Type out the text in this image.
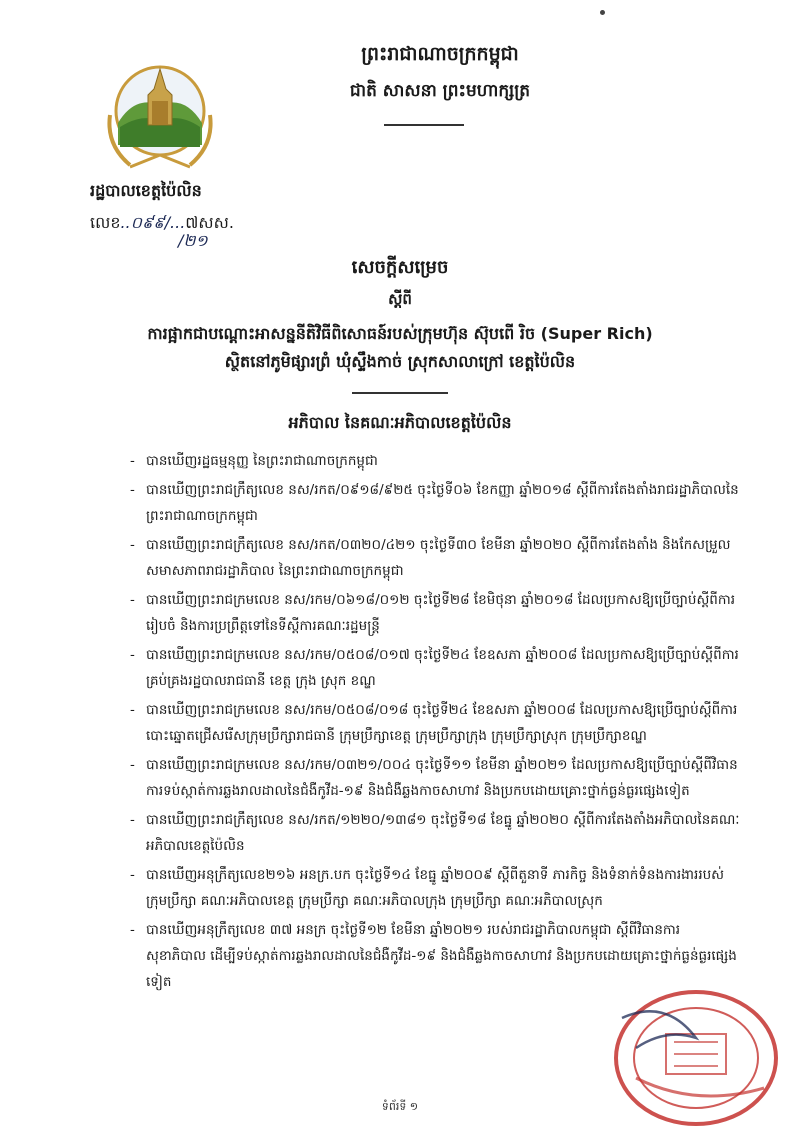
ព្រះរាជាណាចក្រកម្ពុជា
ជាតិ សាសនា ព្រះមហាក្សត្រ
រដ្ឋបាលខេត្តប៉ៃលិន
លេខ..០៩៩/...៧សស.
/២១
សេចក្តីសម្រេច
ស្តីពី
ការផ្អាកជាបណ្តោះអាសន្ននីតិវិធីពិសោធន៍របស់ក្រុមហ៊ុន ស៊ុបពើ រិច (Super Rich)
ស្ថិតនៅភូមិផ្សារព្រំ ឃុំស្ទឹងកាច់ ស្រុកសាលាក្រៅ ខេត្តប៉ៃលិន
អភិបាល នៃគណៈអភិបាលខេត្តប៉ៃលិន
- បានឃើញរដ្ឋធម្មនុញ្ញ នៃព្រះរាជាណាចក្រកម្ពុជា
- បានឃើញព្រះរាជក្រឹត្យលេខ នស/រកត/០៩១៨/៩២៥ ចុះថ្ងៃទី០៦ ខែកញ្ញា ឆ្នាំ២០១៨ ស្តីពីការតែងតាំងរាជរដ្ឋាភិបាលនៃព្រះរាជាណាចក្រកម្ពុជា
- បានឃើញព្រះរាជក្រឹត្យលេខ នស/រកត/០៣២០/៤២១ ចុះថ្ងៃទី៣០ ខែមីនា ឆ្នាំ២០២០ ស្តីពីការតែងតាំង និងកែសម្រួលសមាសភាពរាជរដ្ឋាភិបាល នៃព្រះរាជាណាចក្រកម្ពុជា
- បានឃើញព្រះរាជក្រមលេខ នស/រកម/០៦១៨/០១២ ចុះថ្ងៃទី២៨ ខែមិថុនា ឆ្នាំ២០១៨ ដែលប្រកាសឱ្យប្រើច្បាប់ស្តីពីការរៀបចំ និងការប្រព្រឹត្តទៅនៃទីស្តីការគណៈរដ្ឋមន្ត្រី
- បានឃើញព្រះរាជក្រមលេខ នស/រកម/០៥០៨/០១៧ ចុះថ្ងៃទី២៤ ខែឧសភា ឆ្នាំ២០០៨ ដែលប្រកាសឱ្យប្រើច្បាប់ស្តីពីការគ្រប់គ្រងរដ្ឋបាលរាជធានី ខេត្ត ក្រុង ស្រុក ខណ្ឌ
- បានឃើញព្រះរាជក្រមលេខ នស/រកម/០៥០៨/០១៨ ចុះថ្ងៃទី២៤ ខែឧសភា ឆ្នាំ២០០៨ ដែលប្រកាសឱ្យប្រើច្បាប់ស្តីពីការបោះឆ្នោតជ្រើសរើសក្រុមប្រឹក្សារាជធានី ក្រុមប្រឹក្សាខេត្ត ក្រុមប្រឹក្សាក្រុង ក្រុមប្រឹក្សាស្រុក ក្រុមប្រឹក្សាខណ្ឌ
- បានឃើញព្រះរាជក្រមលេខ នស/រកម/០៣២១/០០៤ ចុះថ្ងៃទី១១ ខែមីនា ឆ្នាំ២០២១ ដែលប្រកាសឱ្យប្រើច្បាប់ស្តីពីវិធានការទប់ស្កាត់ការឆ្លងរាលដាលនៃជំងឺកូវីដ-១៩ និងជំងឺឆ្លងកាចសាហាវ និងប្រកបដោយគ្រោះថ្នាក់ធ្ងន់ធ្ងរផ្សេងទៀត
- បានឃើញព្រះរាជក្រឹត្យលេខ នស/រកត/១២២០/១៣៨១ ចុះថ្ងៃទី១៨ ខែធ្នូ ឆ្នាំ២០២០ ស្តីពីការតែងតាំងអភិបាលនៃគណៈអភិបាលខេត្តប៉ៃលិន
- បានឃើញអនុក្រឹត្យលេខ២១៦ អនក្រ.បក ចុះថ្ងៃទី១៤ ខែធ្នូ ឆ្នាំ២០០៩ ស្តីពីតួនាទី ភារកិច្ច និងទំនាក់ទំនងការងាររបស់ក្រុមប្រឹក្សា គណៈអភិបាលខេត្ត ក្រុមប្រឹក្សា គណៈអភិបាលក្រុង ក្រុមប្រឹក្សា គណៈអភិបាលស្រុក
- បានឃើញអនុក្រឹត្យលេខ ៣៧ អនក្រ ចុះថ្ងៃទី១២ ខែមីនា ឆ្នាំ២០២១ របស់រាជរដ្ឋាភិបាលកម្ពុជា ស្តីពីវិធានការសុខាភិបាល ដើម្បីទប់ស្កាត់ការឆ្លងរាលដាលនៃជំងឺកូវីដ-១៩ និងជំងឺឆ្លងកាចសាហាវ និងប្រកបដោយគ្រោះថ្នាក់ធ្ងន់ធ្ងរផ្សេងទៀត
ទំព័រទី ១
